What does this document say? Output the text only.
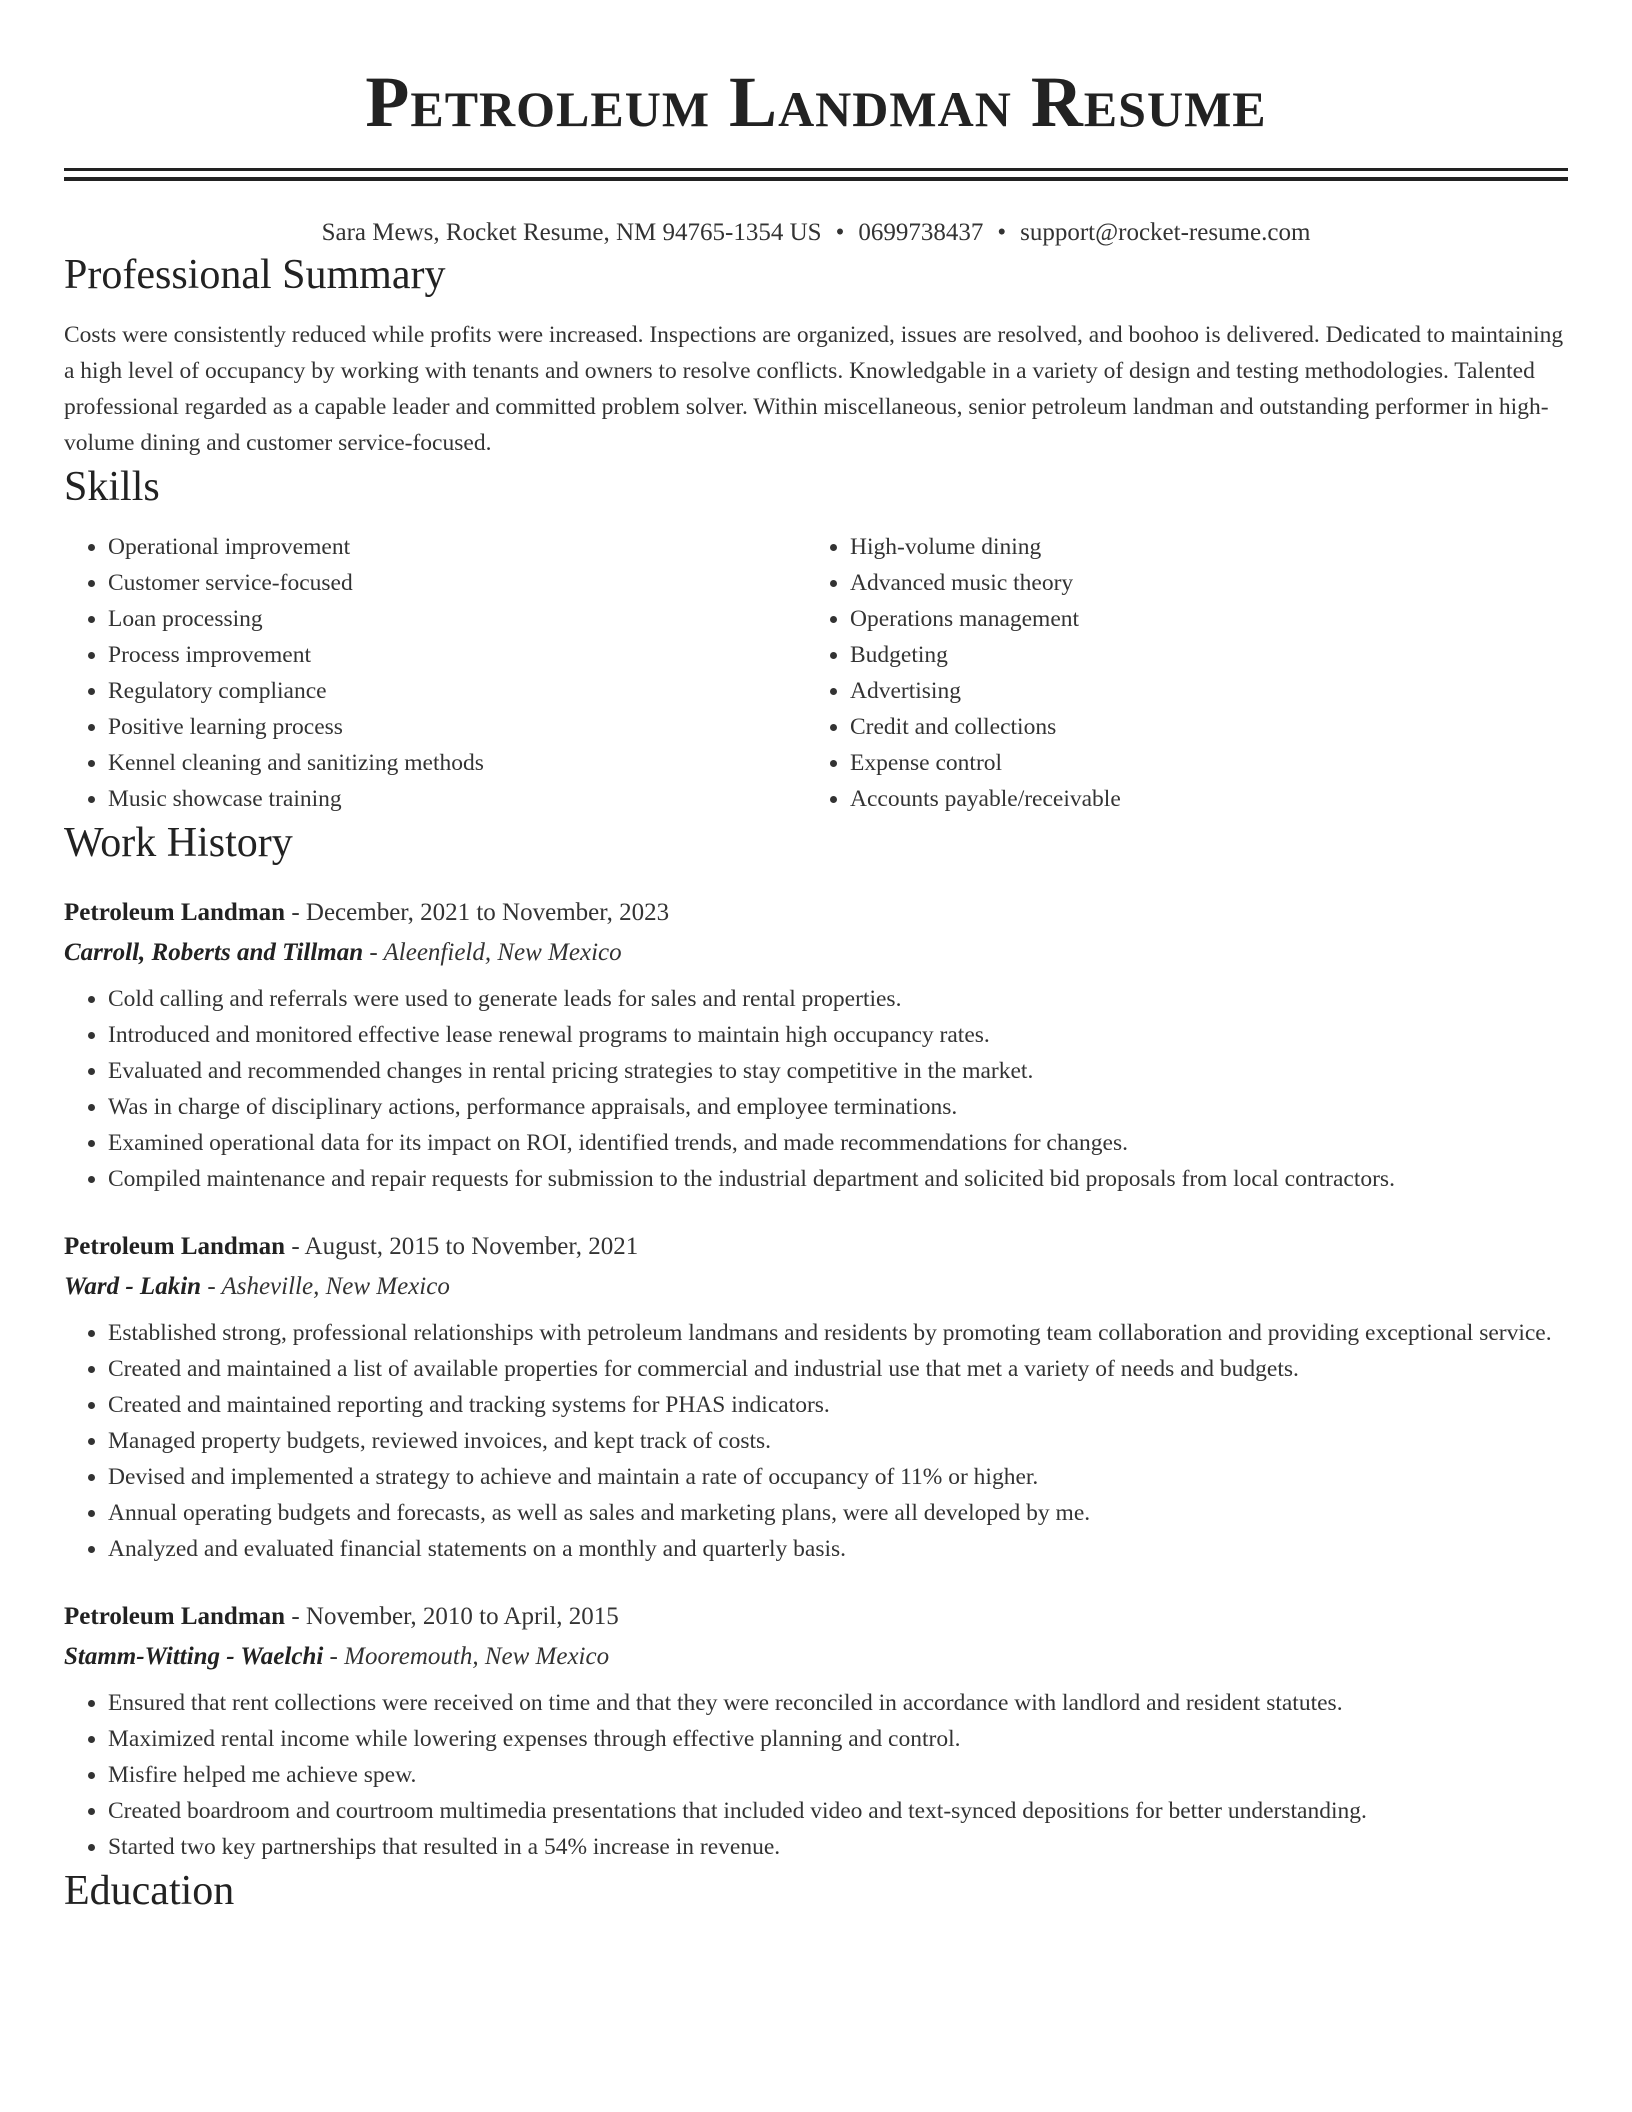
Petroleum Landman Resume
Sara Mews, Rocket Resume, NM 94765-1354 US • 0699738437 • support@rocket-resume.com
Professional Summary
Costs were consistently reduced while profits were increased. Inspections are organized, issues are resolved, and boohoo is delivered. Dedicated to maintaining a high level of occupancy by working with tenants and owners to resolve conflicts. Knowledgable in a variety of design and testing methodologies. Talented professional regarded as a capable leader and committed problem solver. Within miscellaneous, senior petroleum landman and outstanding performer in high-volume dining and customer service-focused.
Skills
• Operational improvement
• Customer service-focused
• Loan processing
• Process improvement
• Regulatory compliance
• Positive learning process
• Kennel cleaning and sanitizing methods
• Music showcase training
• High-volume dining
• Advanced music theory
• Operations management
• Budgeting
• Advertising
• Credit and collections
• Expense control
• Accounts payable/receivable
Work History
Petroleum Landman - December, 2021 to November, 2023
Carroll, Roberts and Tillman - Aleenfield, New Mexico
• Cold calling and referrals were used to generate leads for sales and rental properties.
• Introduced and monitored effective lease renewal programs to maintain high occupancy rates.
• Evaluated and recommended changes in rental pricing strategies to stay competitive in the market.
• Was in charge of disciplinary actions, performance appraisals, and employee terminations.
• Examined operational data for its impact on ROI, identified trends, and made recommendations for changes.
• Compiled maintenance and repair requests for submission to the industrial department and solicited bid proposals from local contractors.
Petroleum Landman - August, 2015 to November, 2021
Ward - Lakin - Asheville, New Mexico
• Established strong, professional relationships with petroleum landmans and residents by promoting team collaboration and providing exceptional service.
• Created and maintained a list of available properties for commercial and industrial use that met a variety of needs and budgets.
• Created and maintained reporting and tracking systems for PHAS indicators.
• Managed property budgets, reviewed invoices, and kept track of costs.
• Devised and implemented a strategy to achieve and maintain a rate of occupancy of 11% or higher.
• Annual operating budgets and forecasts, as well as sales and marketing plans, were all developed by me.
• Analyzed and evaluated financial statements on a monthly and quarterly basis.
Petroleum Landman - November, 2010 to April, 2015
Stamm-Witting - Waelchi - Mooremouth, New Mexico
• Ensured that rent collections were received on time and that they were reconciled in accordance with landlord and resident statutes.
• Maximized rental income while lowering expenses through effective planning and control.
• Misfire helped me achieve spew.
• Created boardroom and courtroom multimedia presentations that included video and text-synced depositions for better understanding.
• Started two key partnerships that resulted in a 54% increase in revenue.
Education
